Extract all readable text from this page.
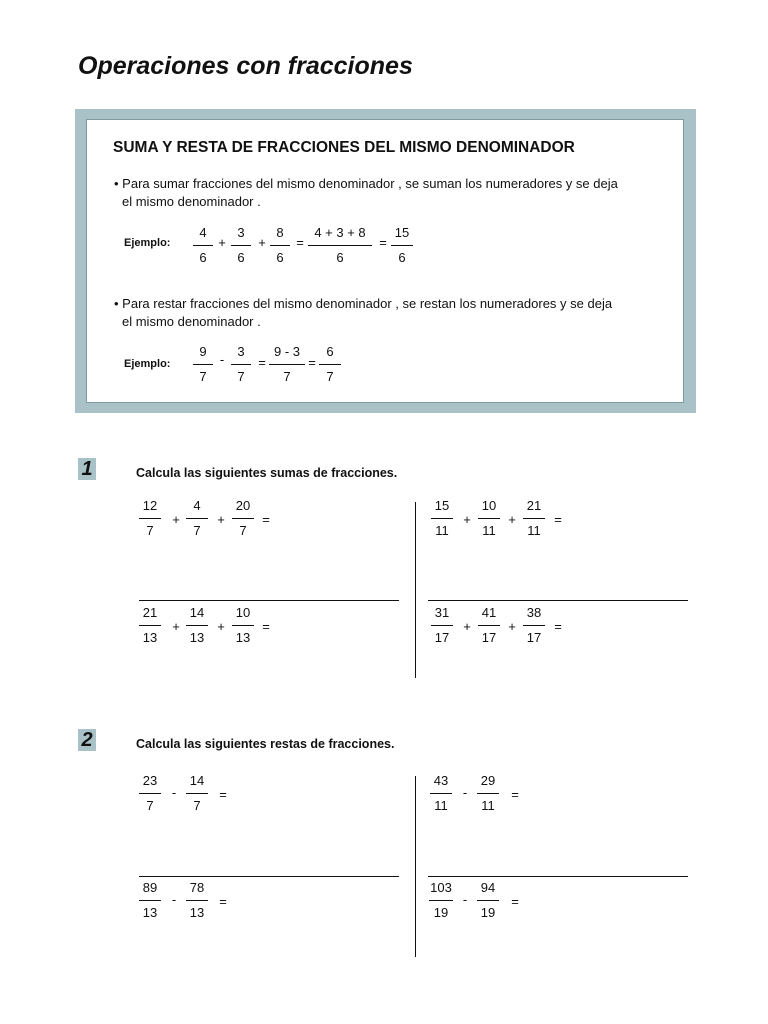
Operaciones con fracciones
SUMA Y RESTA DE FRACCIONES DEL MISMO DENOMINADOR
• Para sumar fracciones del mismo denominador , se suman los numeradores y se deja
el mismo denominador .
Ejemplo:
4
6
+
3
6
+
8
6
=
4 + 3 + 8
6
=
15
6
• Para restar fracciones del mismo denominador , se restan los numeradores y se deja
el mismo denominador .
Ejemplo:
9
7
-
3
7
=
9 - 3
7
=
6
7
1	Calcula las siguientes sumas de fracciones.
12
7
+
4
7
+
20
7
=
15
11
+
10
11
+
21
11
=
21
13
+
14
13
+
10
13
=
31
17
+
41
17
+
38
17
=
2	Calcula las siguientes restas de fracciones.
23
7
-
14
7
=
43
11
-
29
11
=
89
13
-
78
13
=
103
19
-
94
19
=
